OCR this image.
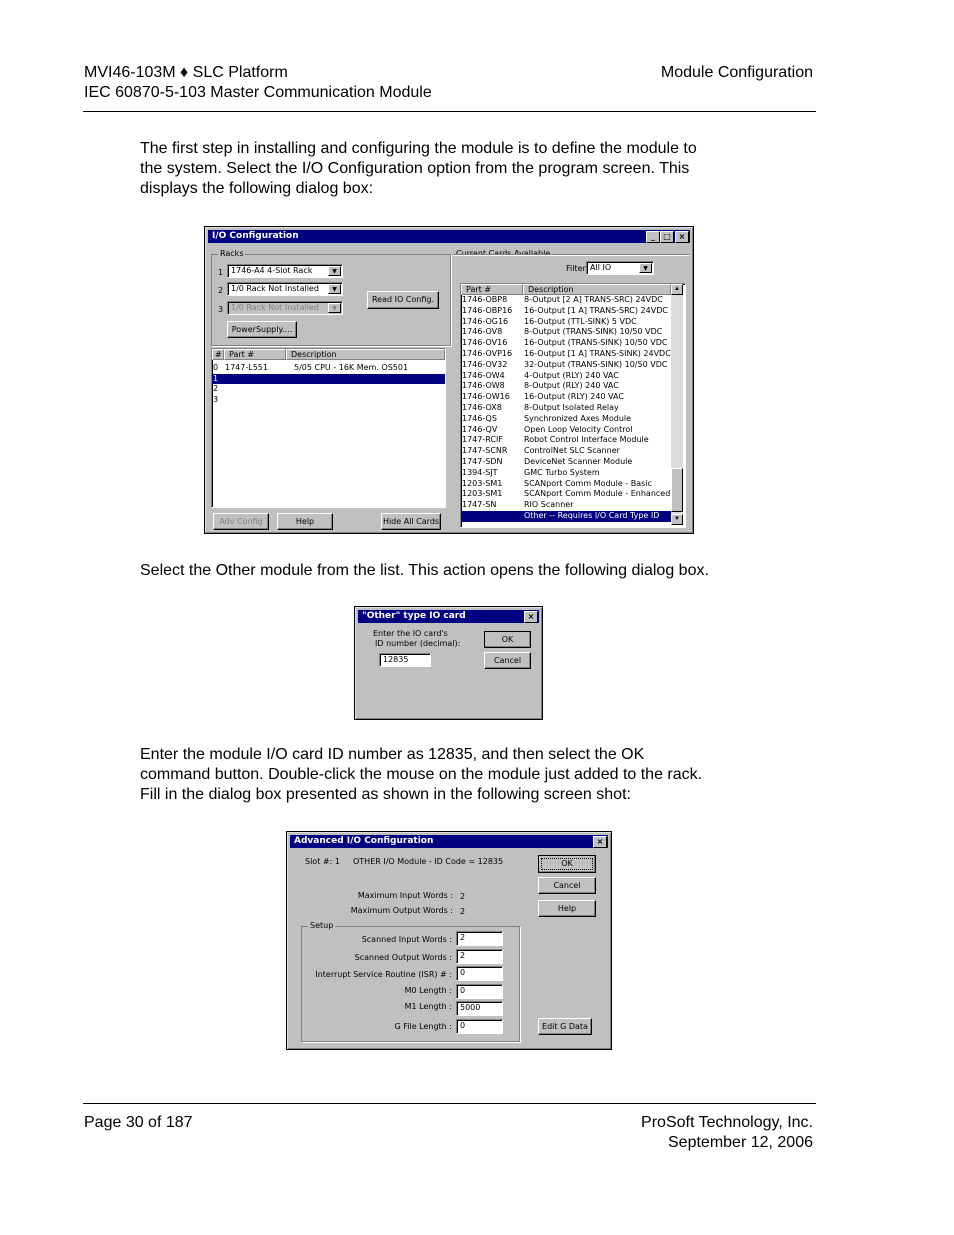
MVI46-103M ♦ SLC Platform
IEC 60870-5-103 Master Communication Module
Module Configuration
The first step in installing and configuring the module is to define the module to
the system. Select the I/O Configuration option from the program screen. This
displays the following dialog box:
I/O Configuration	_	□ ×
Racks
1 1746-A4 4-Slot Rack	▼
2 1/0 Rack Not Installed	▼
3 1/0 Rack Not Installed	▼
PowerSupply....
Read IO Config.
# Part #	Description
0 1747-L551	5/05 CPU - 16K Mem. OS501
1
2
3
Adv Config	Help	Hide All Cards
Filter All IO	▼
Part #	Description
1746-OBP8 8-Output [2 A] TRANS-SRC) 24VDC
1746-OBP16 16-Output [1 A] TRANS-SRC) 24VDC
1746-OG16 16-Output (TTL-SINK) 5 VDC
1746-OV8	8-Output (TRANS-SINK) 10/50 VDC
1746-OV16 16-Output (TRANS-SINK) 10/50 VDC
1746-OVP16 16-Output [1 A] TRANS-SINK) 24VDC
1746-OV32 32-Output (TRANS-SINK) 10/50 VDC
1746-OW4 4-Output (RLY) 240 VAC
1746-OW8 8-Output (RLY) 240 VAC
1746-OW16 16-Output (RLY) 240 VAC
1746-OX8	8-Output Isolated Relay
1746-QS	Synchronized Axes Module
1746-QV	Open Loop Velocity Control
1747-RCIF	Robot Control Interface Module
1747-SCNR ControlNet SLC Scanner
1747-SDN	DeviceNet Scanner Module
1394-SJT	GMC Turbo System
1203-SM1	SCANport Comm Module - Basic
1203-SM1	SCANport Comm Module - Enhanced
1747-SN	RIO Scanner
Other -- Requires I/O Card Type ID
▲
▼
Select the Other module from the list. This action opens the following dialog box.
"Other" type IO card	×
Enter the IO card's
ID number (decimal):
12835
OK
Cancel
Enter the module I/O card ID number as 12835, and then select the OK
command button. Double-click the mouse on the module just added to the rack.
Fill in the dialog box presented as shown in the following screen shot:
Advanced I/O Configuration	×
Slot #: 1 OTHER I/O Module - ID Code = 12835
Maximum Input Words : 2
Maximum Output Words : 2
Setup
Scanned Input Words :	2
Scanned Output Words :	2
Interrupt Service Routine (ISR) # :	0
M0 Length :	0
M1 Length :	5000
G File Length :	0
OK
Cancel
Help
Edit G Data
Page 30 of 187	ProSoft Technology, Inc.
September 12, 2006
